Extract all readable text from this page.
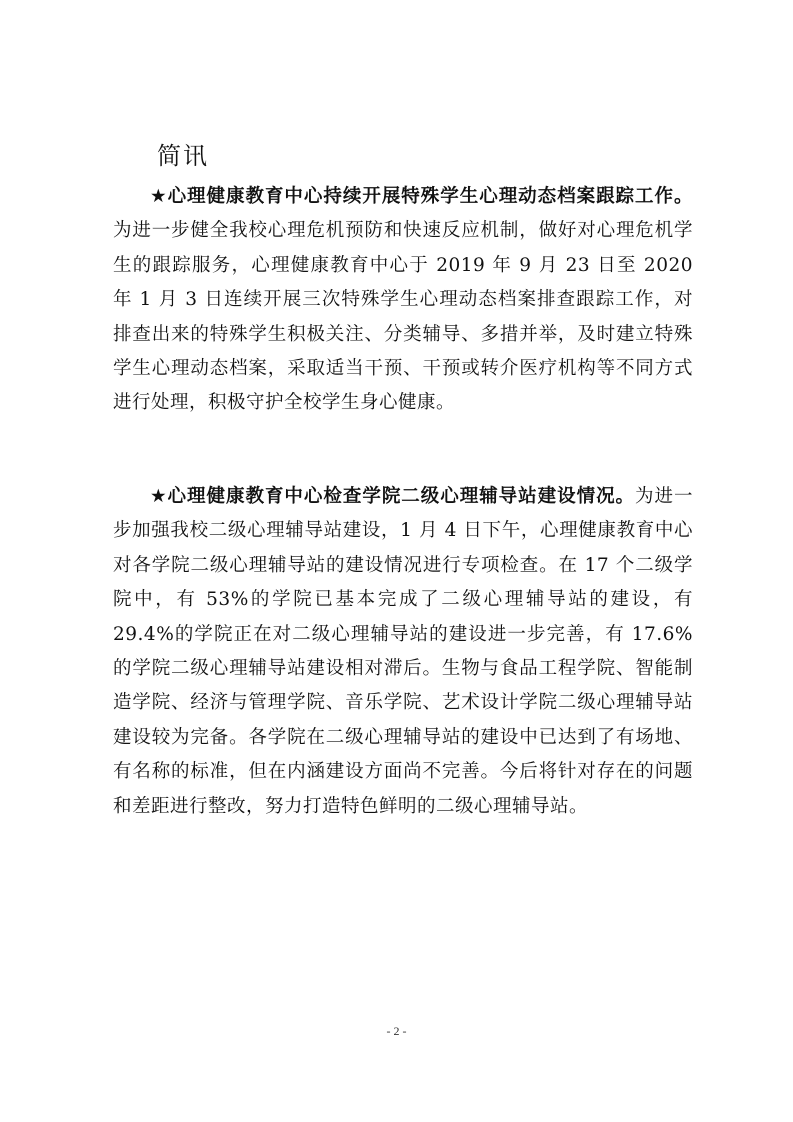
简讯
★心理健康教育中心持续开展特殊学生心理动态档案跟踪工作。为进一步健全我校心理危机预防和快速反应机制，做好对心理危机学生的跟踪服务，心理健康教育中心于 2019 年 9 月 23 日至 2020 年 1 月 3 日连续开展三次特殊学生心理动态档案排查跟踪工作，对排查出来的特殊学生积极关注、分类辅导、多措并举，及时建立特殊学生心理动态档案，采取适当干预、干预或转介医疗机构等不同方式进行处理，积极守护全校学生身心健康。
★心理健康教育中心检查学院二级心理辅导站建设情况。为进一步加强我校二级心理辅导站建设，1 月 4 日下午，心理健康教育中心对各学院二级心理辅导站的建设情况进行专项检查。在 17 个二级学院中，有 53%的学院已基本完成了二级心理辅导站的建设，有 29.4%的学院正在对二级心理辅导站的建设进一步完善，有 17.6%的学院二级心理辅导站建设相对滞后。生物与食品工程学院、智能制造学院、经济与管理学院、音乐学院、艺术设计学院二级心理辅导站建设较为完备。各学院在二级心理辅导站的建设中已达到了有场地、有名称的标准，但在内涵建设方面尚不完善。今后将针对存在的问题和差距进行整改，努力打造特色鲜明的二级心理辅导站。
- 2 -
